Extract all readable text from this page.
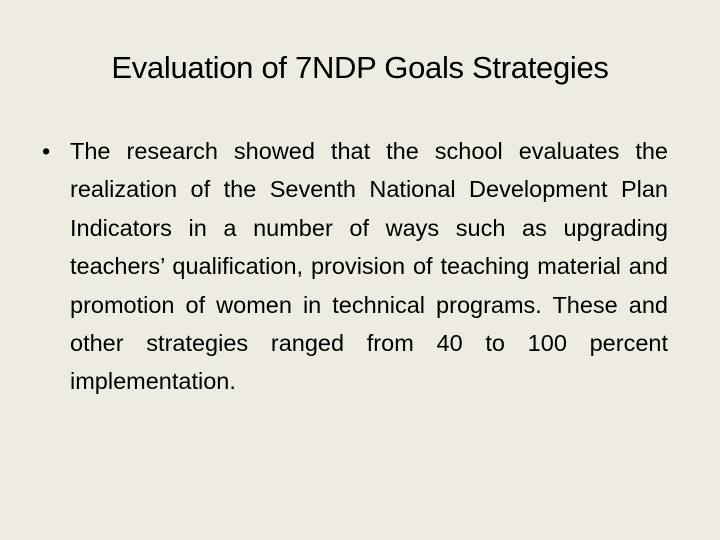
Evaluation of 7NDP Goals Strategies
• The research showed that the school evaluates the realization of the Seventh National Development Plan Indicators in a number of ways such as upgrading teachers’ qualification, provision of teaching material and promotion of women in technical programs. These and other strategies ranged from 40 to 100 percent implementation.
